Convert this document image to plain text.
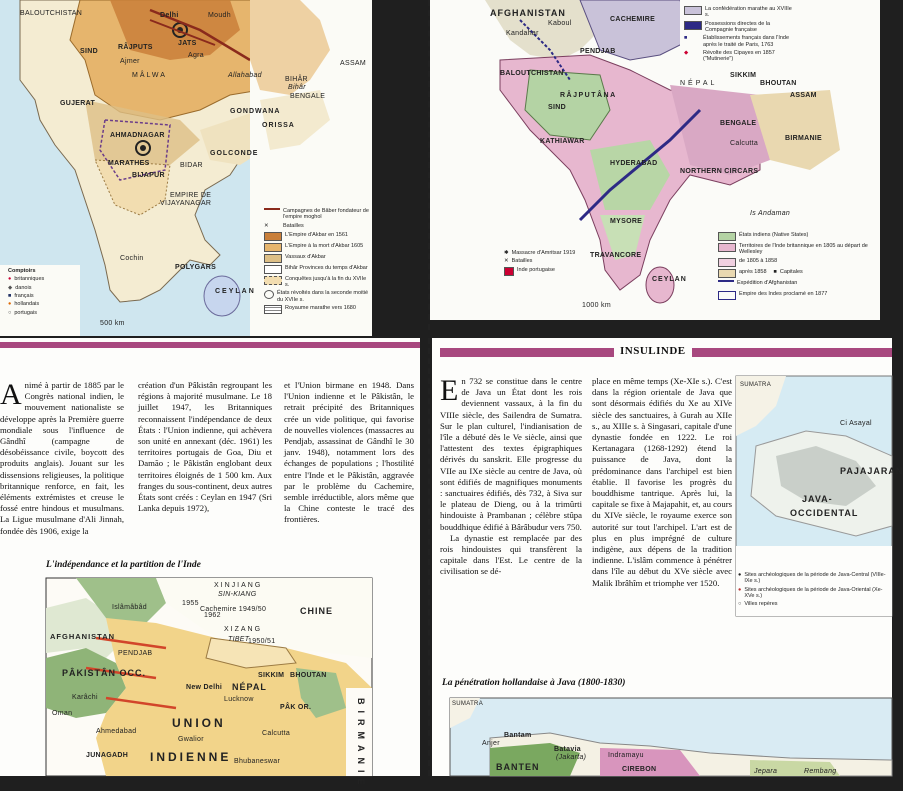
BALOUTCHISTAN	Delhi	Moudh
JATS
RÂJPUTS
Agra
Ajmer
MÂLWA	Allahabad
BIHÂR
Bihâr
BENGALE
GUJERAT
AHMADNAGAR
MARATHES	BIDAR
BIJAPUR
GOLCONDE
GONDWANA
ORISSA
EMPIRE DE
VIJAYANAGAR
Cochin
POLYGARS
CEYLAN
SIND
ASSAM
Campagnes de Bâber fondateur de l'empire moghol
✕	Batailles
L'Empire d'Akbar en 1561
L'Empire à la mort d'Akbar 1605
Vassaux d'Akbar
Bihâr Provinces du temps d'Akbar
Conquêtes jusqu'à la fin du XVIIe s.
États révoltés dans la seconde moitié du XVIIe s.
Royaume marathe vers 1680
Comptoirs
● britanniques
◆ danois
■ français
● hollandais
○ portugais
500 km
AFGHANISTAN
Kaboul
Kandahar
CACHEMIRE
PENDJAB
BALOUTCHISTAN
RÂJPUTÂNA
SIND
KATHIAWAR
HYDERABAD
MYSORE
TRAVANCORE
CEYLAN
NÉPAL
SIKKIM
BHOUTAN
ASSAM
BENGALE
Calcutta
BIRMANIE
NORTHERN CIRCARS
Is Andaman
La confédération marathe au XVIIIe s.
Possessions directes de la Compagnie française
■	Établissements français dans l'Inde après le traité de Paris, 1763
◆	Révolte des Cipayes en 1857 ("Mutinerie")
États indiens (Native States)
Territoires de l'Inde britannique en 1805 au départ de Wellesley
de 1805 à 1858
après 1858 ■ Capitales
Expédition d'Afghanistan
Empire des Indes proclamé en 1877
✱ Massacre d'Amritsar 1919
✕ Batailles
Inde portugaise
1000 km

Animé à partir de 1885 par le Congrès national indien, le mouvement nationaliste se développe après la Première guerre mondiale sous l'influence de Gândhî (campagne de désobéissance civile, boycott des produits anglais). Jouant sur les dissensions religieuses, la politique britannique renforce, en fait, les éléments extrémistes et creuse le fossé entre hindous et musulmans. La Ligue musulmane d'Ali Jinnah, fondée dès 1906, exige la

création d'un Pâkistân regroupant les régions à majorité musulmane. Le 18 juillet 1947, les Britanniques reconnaissent l'indépendance de deux États : l'Union indienne, qui achèvera son unité en annexant (déc. 1961) les territoires portugais de Goa, Diu et Damão ; le Pâkistân englobant deux territoires éloignés de 1 500 km. Aux franges du sous-continent, deux autres États sont créés : Ceylan en 1947 (Sri Lanka depuis 1972),

et l'Union birmane en 1948. Dans l'Union indienne et le Pâkistân, le retrait précipité des Britanniques crée un vide politique, qui favorise de nouvelles violences (massacres au Pendjab, assassinat de Gândhî le 30 janv. 1948), notamment lors des échanges de populations ; l'hostilité entre l'Inde et le Pâkistân, aggravée par le problème du Cachemire, semble irréductible, alors même que la Chine conteste le tracé des frontières.

L'indépendance et la partition de l'Inde
XINJIANG
SIN-KIANG
CHINE
AFGHANISTAN
Islâmâbâd
PENDJAB
PÂKISTÂN OCC.
Karâchi
XIZANG
TIBET
NÉPAL
SIKKIM BHOUTAN
UNION
INDIENNE
New Delhi
BIRMANIE
PÂK OR.
JUNAGADH
Ahmedabad
Lucknow
Calcutta
Bhubaneswar
Gwalior
Oman
Cachemire 1949/50
1962
1955
1950/51
INSULINDE

En 732 se constitue dans le centre de Java un État dont les rois deviennent vassaux, à la fin du VIIIe siècle, des Sailendra de Sumatra. Sur le plan culturel, l'indianisation de l'île a débuté dès le Ve siècle, ainsi que l'attestent des textes épigraphiques dérivés du sanskrit. Elle progresse du VIIe au IXe siècle au centre de Java, où sont édifiés de magnifiques monuments : sanctuaires édifiés, dès 732, à Siva sur le plateau de Dieng, ou à la trimûrti hindouiste à Prambanan ; célèbre stûpa bouddhique édifié à Bârâbudur vers 750.

La dynastie est remplacée par des rois hindouistes qui transfèrent la capitale dans l'Est. Le centre de la civilisation se dé-

place en même temps (Xe-XIe s.). C'est dans la région orientale de Java que sont désormais édifiés du Xe au XIVe siècle des sanctuaires, à Gurah au XIIe s., au XIIIe s. à Singasari, capitale d'une dynastie fondée en 1222. Le roi Kertanagara (1268-1292) étend la puissance de Java, dont la prédominance dans l'archipel est bien établie. Il favorise les progrès du bouddhisme tantrique. Après lui, la capitale se fixe à Majapahit, et, au cours du XIVe siècle, le royaume exerce son autorité sur tout l'archipel. L'art est de plus en plus imprégné de culture indigène, aux dépens de la tradition indienne. L'islâm commence à pénétrer dans l'île au début du XVe siècle avec Malik Ibrâhîm et triomphe ver 1520.

SUMATRA
PAJAJARAN
JAVA-
OCCIDENTAL
Ci Asayal
● Sites archéologiques de la période de Java-Central (VIIIe-IXe s.)
● Sites archéologiques de la période de Java-Oriental (Xe-XVe s.)
○ Villes repères
La pénétration hollandaise à Java (1800-1830)
SUMATRA
Anjer
Bantam
BANTEN
Batavia
(Jakarta)	Indramayu
CIREBON	Jepara	Rembang
